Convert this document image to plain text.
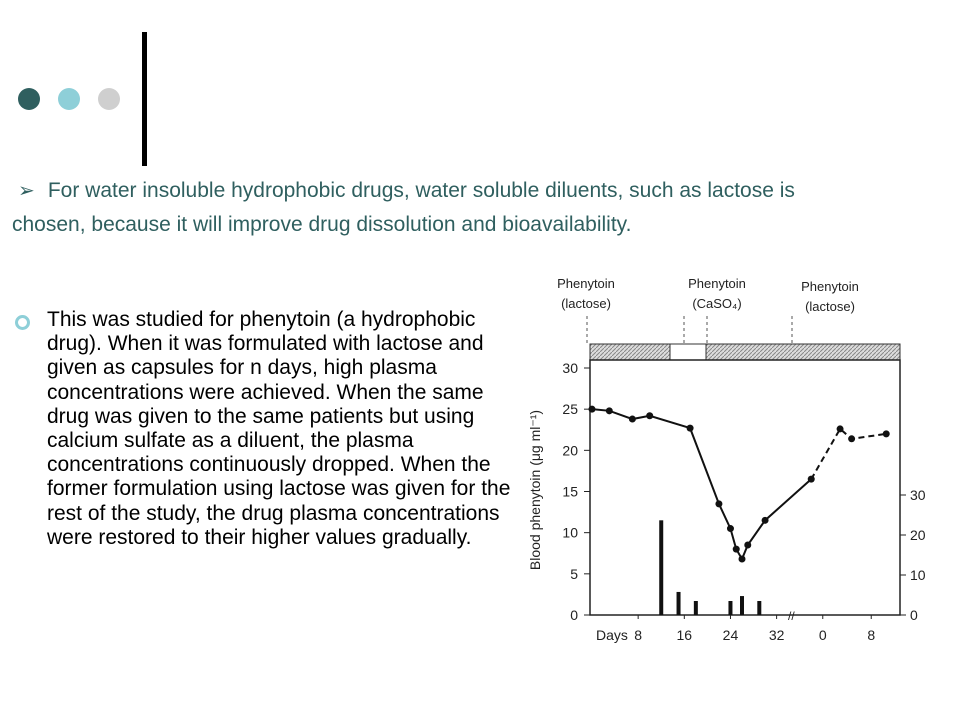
➢ For water insoluble hydrophobic drugs, water soluble diluents, such as lactose is chosen, because it will improve drug dissolution and bioavailability.
This was studied for phenytoin (a hydrophobic drug). When it was formulated with lactose and given as capsules for n days, high plasma concentrations were achieved. When the same drug was given to the same patients but using calcium sulfate as a diluent, the plasma concentrations continuously dropped. When the former formulation using lactose was given for the rest of the study, the drug plasma concentrations were restored to their higher values gradually.
Phenytoin
(lactose)
Phenytoin
(CaSO₄)
Phenytoin
(lactose)
Blood phenytoin (μg ml⁻¹)
0
5
10
15
20
25
30
0
10
20
30
Days 8 16 24 32 0	8
//
